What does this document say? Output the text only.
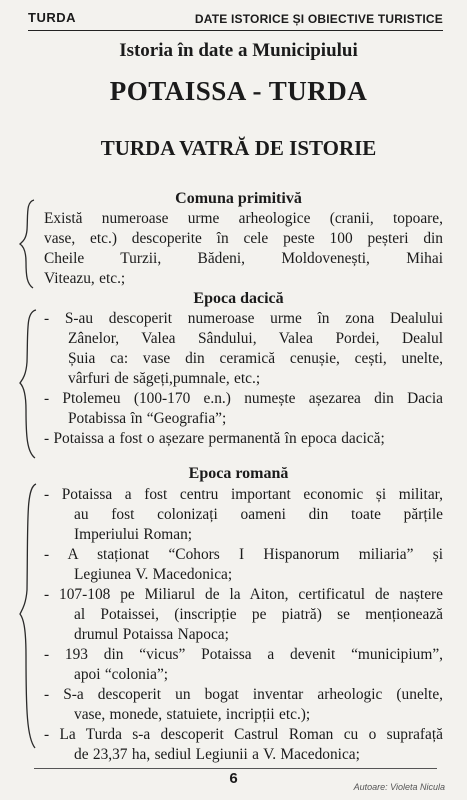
TURDA	DATE ISTORICE ȘI OBIECTIVE TURISTICE
Istoria în date a Municipiului
POTAISSA - TURDA
TURDA VATRĂ DE ISTORIE
Comuna primitivă
Există numeroase urme arheologice (cranii, topoare,
vase, etc.) descoperite în cele peste 100 peșteri din
Cheile Turzii, Bădeni, Moldovenești, Mihai
Viteazu, etc.;
Epoca dacică
- S-au descoperit numeroase urme în zona Dealului
Zânelor, Valea Sândului, Valea Pordei, Dealul
Șuia ca: vase din ceramică cenușie, cești, unelte,
vârfuri de săgeți,pumnale, etc.;
- Ptolemeu (100-170 e.n.) numește așezarea din Dacia
Potabissa în “Geografia”;
- Potaissa a fost o așezare permanentă în epoca dacică;
Epoca romană
- Potaissa a fost centru important economic și militar,
au fost colonizați oameni din toate părțile
Imperiului Roman;
- A staționat “Cohors I Hispanorum miliaria” și
Legiunea V. Macedonica;
- 107-108 pe Miliarul de la Aiton, certificatul de naștere
al Potaissei, (inscripție pe piatră) se menționează
drumul Potaissa Napoca;
- 193 din “vicus” Potaissa a devenit “municipium”,
apoi “colonia”;
- S-a descoperit un bogat inventar arheologic (unelte,
vase, monede, statuiete, incripții etc.);
- La Turda s-a descoperit Castrul Roman cu o suprafață
de 23,37 ha, sediul Legiunii a V. Macedonica;
6	Autoare: Violeta Nicula
